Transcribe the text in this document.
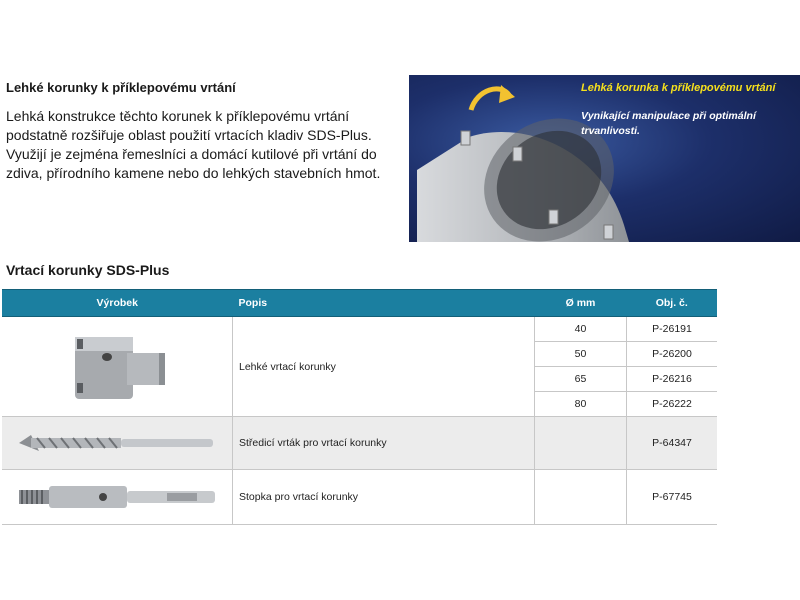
Lehké korunky k příklepovému vrtání
Lehká konstrukce těchto korunek k příklepovému vrtání podstatně rozšiřuje oblast použití vrtacích kladiv SDS-Plus. Využijí je zejména řemeslníci a domácí kutilové při vrtání do zdiva, přírodního kamene nebo do lehkých stavebních hmot.
Lehká korunka k příklepovému vrtání
Vynikající manipulace při optimální trvanlivosti.
Vrtací korunky SDS-Plus
Výrobek	Popis	Ø mm	Obj. č.

	Lehké vrtací korunky	40	P-26191
		50	P-26200
		65	P-26216
		80	P-26222

	Středicí vrták pro vrtací korunky		P-64347

	Stopka pro vrtací korunky		P-67745
